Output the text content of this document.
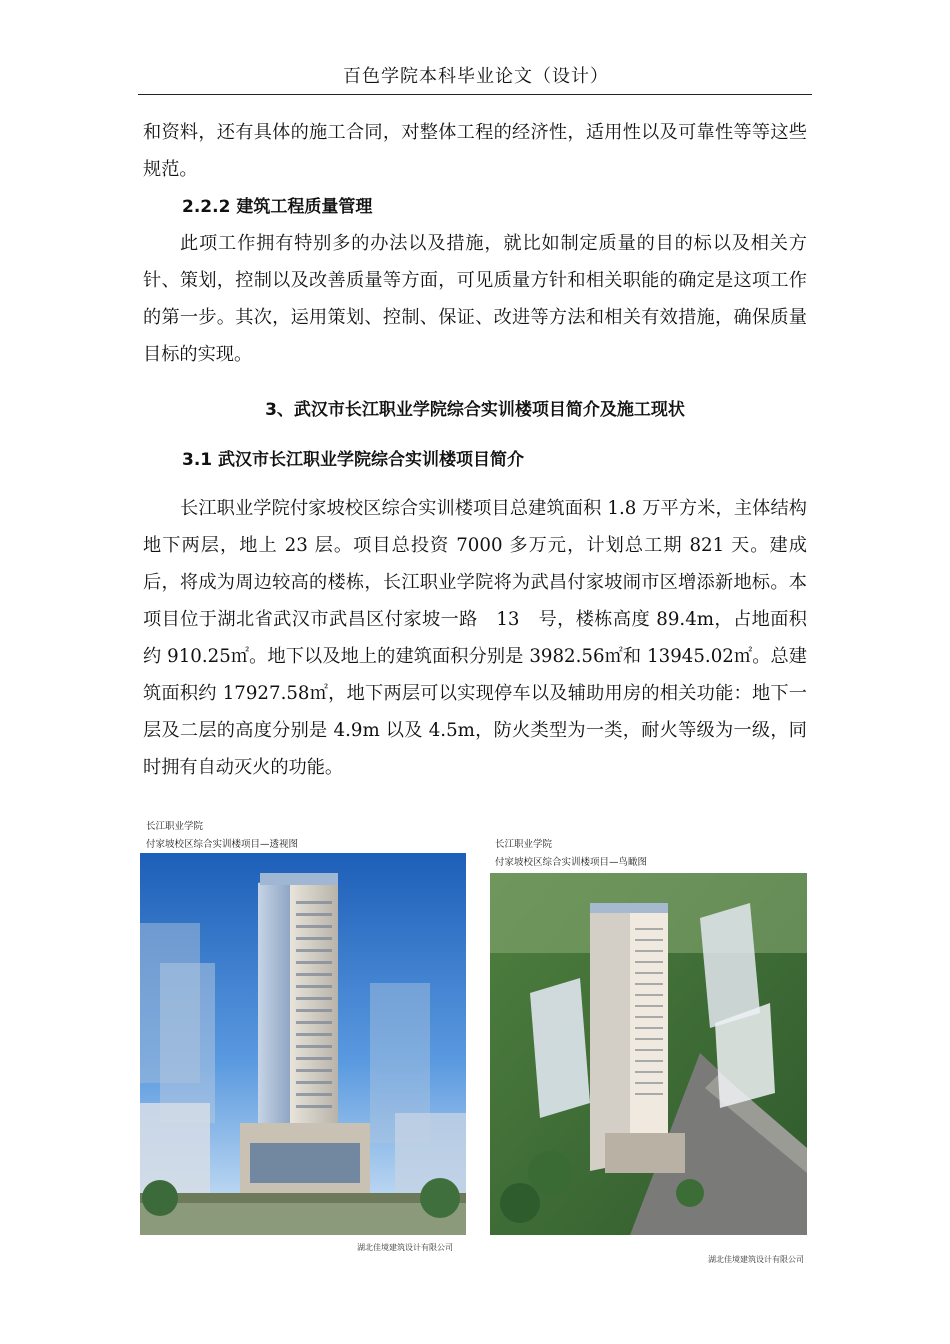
百色学院本科毕业论文（设计）

和资料，还有具体的施工合同，对整体工程的经济性，适用性以及可靠性等等这些规范。

2.2.2 建筑工程质量管理

此项工作拥有特别多的办法以及措施，就比如制定质量的目的标以及相关方针、策划，控制以及改善质量等方面，可见质量方针和相关职能的确定是这项工作的第一步。其次，运用策划、控制、保证、改进等方法和相关有效措施，确保质量目标的实现。

3、武汉市长江职业学院综合实训楼项目简介及施工现状
3.1 武汉市长江职业学院综合实训楼项目简介

长江职业学院付家坡校区综合实训楼项目总建筑面积 1.8 万平方米，主体结构地下两层，地上 23 层。项目总投资 7000 多万元，计划总工期 821 天。建成后，将成为周边较高的楼栋，长江职业学院将为武昌付家坡闹市区增添新地标。本项目位于湖北省武汉市武昌区付家坡一路　13　号，楼栋高度 89.4m，占地面积约 910.25㎡。地下以及地上的建筑面积分别是 3982.56㎡和 13945.02㎡。总建筑面积约 17927.58㎡，地下两层可以实现停车以及辅助用房的相关功能：地下一层及二层的高度分别是 4.9m 以及 4.5m，防火类型为一类，耐火等级为一级，同时拥有自动灭火的功能。

长江职业学院
付家坡校区综合实训楼项目—透视图
湖北佳境建筑设计有限公司
长江职业学院
付家坡校区综合实训楼项目—鸟瞰图
湖北佳境建筑设计有限公司
